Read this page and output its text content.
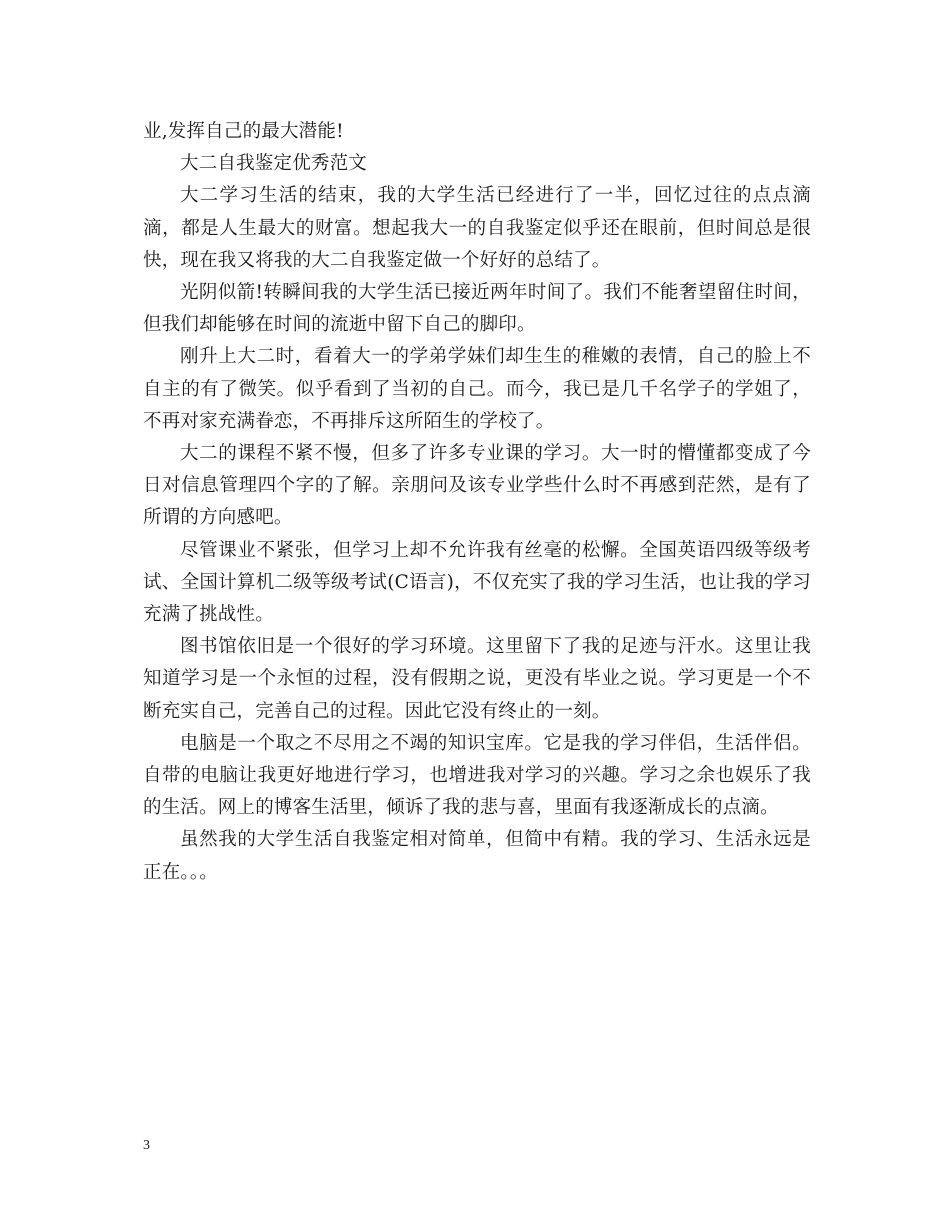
业,发挥自己的最大潜能!

大二自我鉴定优秀范文

大二学习生活的结束，我的大学生活已经进行了一半，回忆过往的点点滴滴，都是人生最大的财富。想起我大一的自我鉴定似乎还在眼前，但时间总是很快，现在我又将我的大二自我鉴定做一个好好的总结了。

光阴似箭!转瞬间我的大学生活已接近两年时间了。我们不能奢望留住时间，但我们却能够在时间的流逝中留下自己的脚印。

刚升上大二时，看着大一的学弟学妹们却生生的稚嫩的表情，自己的脸上不自主的有了微笑。似乎看到了当初的自己。而今，我已是几千名学子的学姐了，不再对家充满眷恋，不再排斥这所陌生的学校了。

大二的课程不紧不慢，但多了许多专业课的学习。大一时的懵懂都变成了今日对信息管理四个字的了解。亲朋问及该专业学些什么时不再感到茫然，是有了所谓的方向感吧。

尽管课业不紧张，但学习上却不允许我有丝毫的松懈。全国英语四级等级考试、全国计算机二级等级考试(C语言)，不仅充实了我的学习生活，也让我的学习充满了挑战性。

图书馆依旧是一个很好的学习环境。这里留下了我的足迹与汗水。这里让我知道学习是一个永恒的过程，没有假期之说，更没有毕业之说。学习更是一个不断充实自己，完善自己的过程。因此它没有终止的一刻。

电脑是一个取之不尽用之不竭的知识宝库。它是我的学习伴侣，生活伴侣。自带的电脑让我更好地进行学习，也增进我对学习的兴趣。学习之余也娱乐了我的生活。网上的博客生活里，倾诉了我的悲与喜，里面有我逐渐成长的点滴。

虽然我的大学生活自我鉴定相对简单，但简中有精。我的学习、生活永远是正在。。。

3
